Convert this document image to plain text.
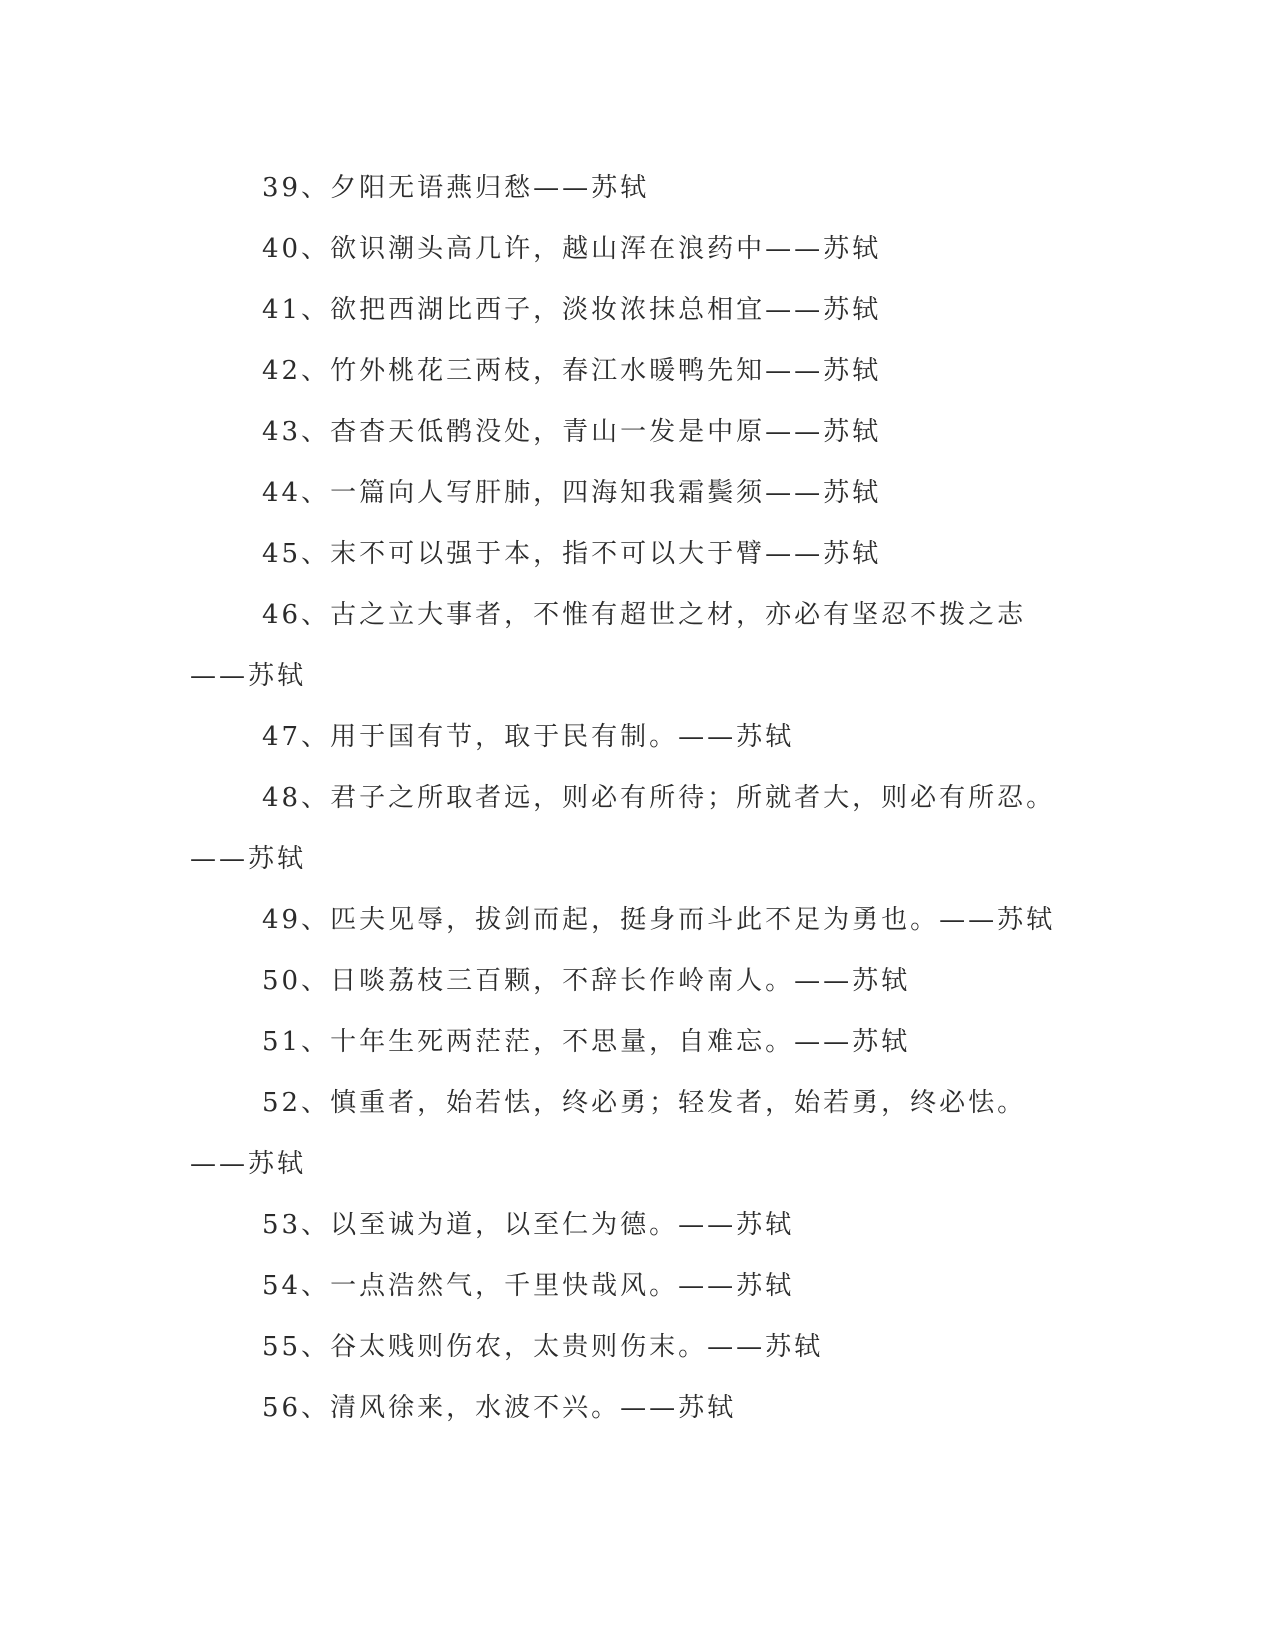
39、夕阳无语燕归愁——苏轼

40、欲识潮头高几许，越山浑在浪药中——苏轼

41、欲把西湖比西子，淡妆浓抹总相宜——苏轼

42、竹外桃花三两枝，春江水暖鸭先知——苏轼

43、杳杳天低鹘没处，青山一发是中原——苏轼

44、一篇向人写肝肺，四海知我霜鬓须——苏轼

45、末不可以强于本，指不可以大于臂——苏轼

46、古之立大事者，不惟有超世之材，亦必有坚忍不拨之志——苏轼

47、用于国有节，取于民有制。——苏轼

48、君子之所取者远，则必有所待；所就者大，则必有所忍。——苏轼

49、匹夫见辱，拔剑而起，挺身而斗此不足为勇也。——苏轼

50、日啖荔枝三百颗，不辞长作岭南人。——苏轼

51、十年生死两茫茫，不思量，自难忘。——苏轼

52、慎重者，始若怯，终必勇；轻发者，始若勇，终必怯。——苏轼

53、以至诚为道，以至仁为德。——苏轼

54、一点浩然气，千里快哉风。——苏轼

55、谷太贱则伤农，太贵则伤末。——苏轼

56、清风徐来，水波不兴。——苏轼
